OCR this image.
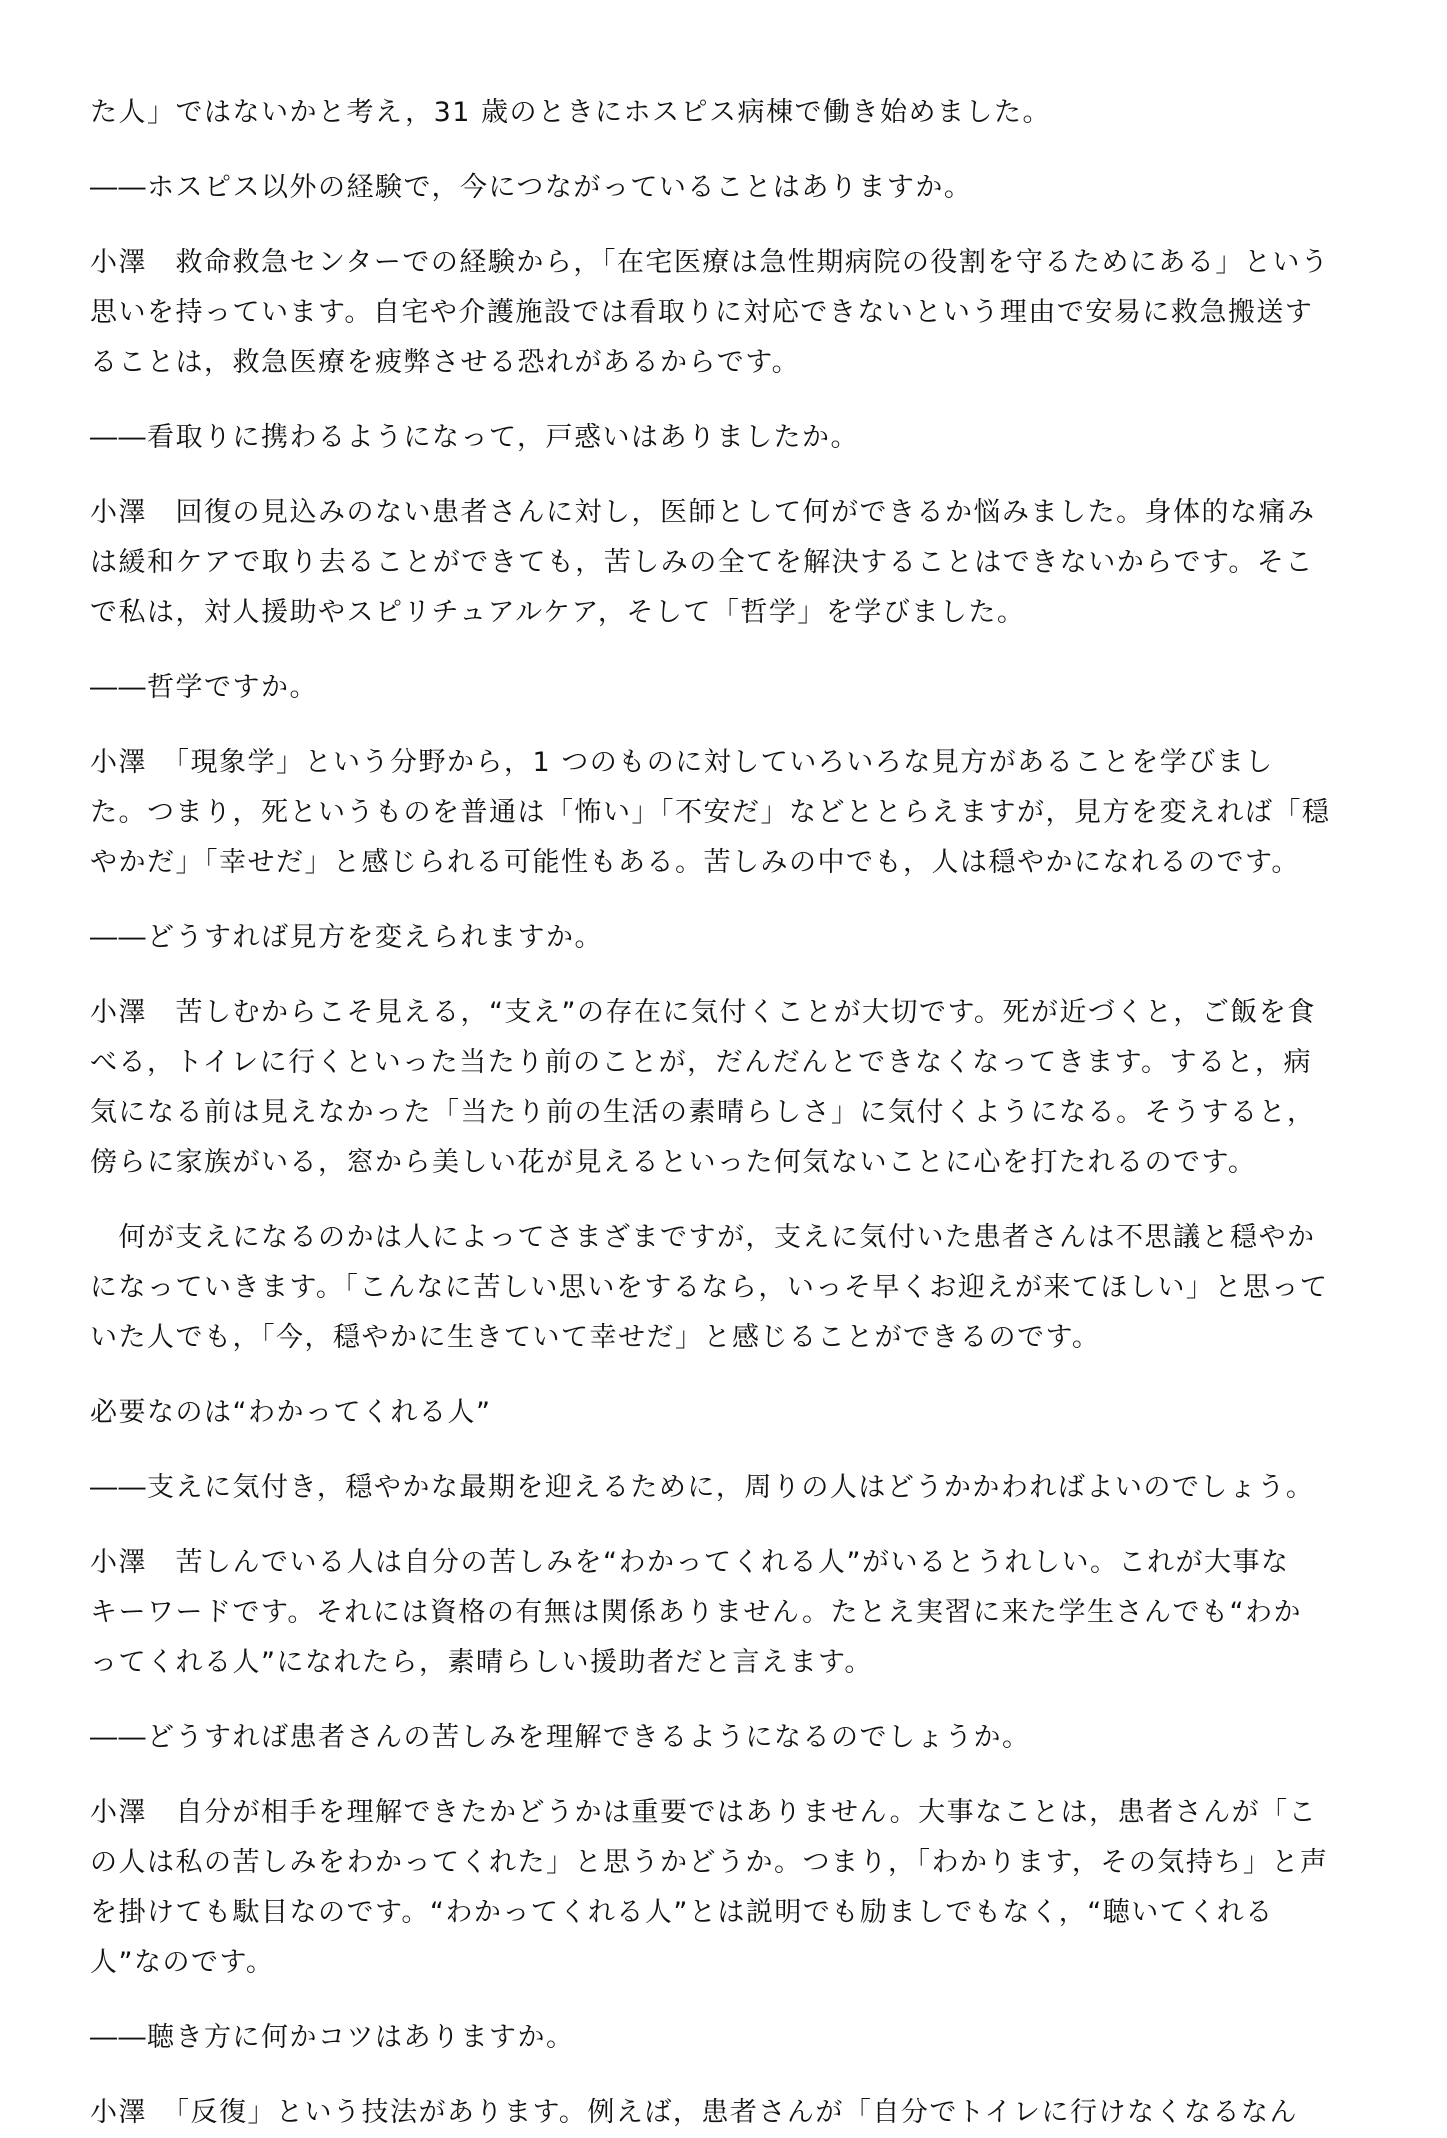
た人」ではないかと考え，31 歳のときにホスピス病棟で働き始めました。

――ホスピス以外の経験で，今につながっていることはありますか。

小澤　救命救急センターでの経験から，「在宅医療は急性期病院の役割を守るためにある」という
思いを持っています。自宅や介護施設では看取りに対応できないという理由で安易に救急搬送す
ることは，救急医療を疲弊させる恐れがあるからです。

――看取りに携わるようになって，戸惑いはありましたか。

小澤　回復の見込みのない患者さんに対し，医師として何ができるか悩みました。身体的な痛み
は緩和ケアで取り去ることができても，苦しみの全てを解決することはできないからです。そこ
で私は，対人援助やスピリチュアルケア，そして「哲学」を学びました。

――哲学ですか。

小澤　「現象学」という分野から，1 つのものに対していろいろな見方があることを学びまし
た。つまり，死というものを普通は「怖い」「不安だ」などととらえますが，見方を変えれば「穏
やかだ」「幸せだ」と感じられる可能性もある。苦しみの中でも，人は穏やかになれるのです。

――どうすれば見方を変えられますか。

小澤　苦しむからこそ見える，“支え”の存在に気付くことが大切です。死が近づくと，ご飯を食
べる，トイレに行くといった当たり前のことが，だんだんとできなくなってきます。すると，病
気になる前は見えなかった「当たり前の生活の素晴らしさ」に気付くようになる。そうすると，
傍らに家族がいる，窓から美しい花が見えるといった何気ないことに心を打たれるのです。

　何が支えになるのかは人によってさまざまですが，支えに気付いた患者さんは不思議と穏やか
になっていきます。「こんなに苦しい思いをするなら，いっそ早くお迎えが来てほしい」と思って
いた人でも，「今，穏やかに生きていて幸せだ」と感じることができるのです。

必要なのは“わかってくれる人”

――支えに気付き，穏やかな最期を迎えるために，周りの人はどうかかわればよいのでしょう。

小澤　苦しんでいる人は自分の苦しみを“わかってくれる人”がいるとうれしい。これが大事な
キーワードです。それには資格の有無は関係ありません。たとえ実習に来た学生さんでも“わか
ってくれる人”になれたら，素晴らしい援助者だと言えます。

――どうすれば患者さんの苦しみを理解できるようになるのでしょうか。

小澤　自分が相手を理解できたかどうかは重要ではありません。大事なことは，患者さんが「こ
の人は私の苦しみをわかってくれた」と思うかどうか。つまり，「わかります，その気持ち」と声
を掛けても駄目なのです。“わかってくれる人”とは説明でも励ましでもなく，“聴いてくれる
人”なのです。

――聴き方に何かコツはありますか。

小澤　「反復」という技法があります。例えば，患者さんが「自分でトイレに行けなくなるなん
